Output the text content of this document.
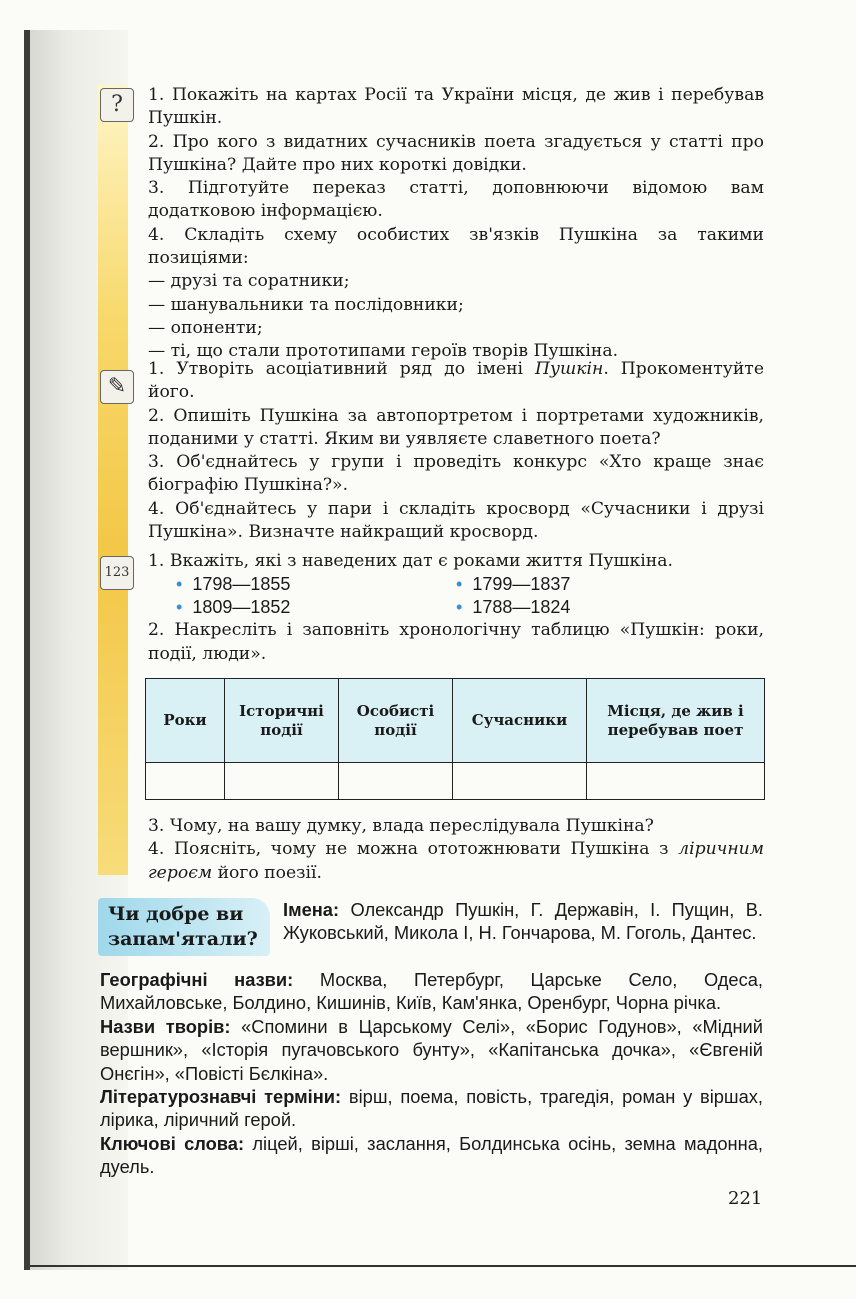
?	1. Покажіть на картах Росії та України місця, де жив і перебував Пушкін.

2. Про кого з видатних сучасників поета згадується у статті про Пушкіна? Дайте про них короткі довідки.

3. Підготуйте переказ статті, доповнюючи відомою вам додатковою інформацією.

4. Складіть схему особистих зв'язків Пушкіна за такими позиціями:

— друзі та соратники;

— шанувальники та послідовники;

— опоненти;

— ті, що стали прототипами героїв творів Пушкіна.

✎

1. Утворіть асоціативний ряд до імені Пушкін. Прокоментуйте його.

2. Опишіть Пушкіна за автопортретом і портретами художників, поданими у статті. Яким ви уявляєте славетного поета?

3. Об'єднайтесь у групи і проведіть конкурс «Хто краще знає біографію Пушкіна?».

4. Об'єднайтесь у пари і складіть кросворд «Сучасники і друзі Пушкіна». Визначте найкращий кросворд.

123

1. Вкажіть, які з наведених дат є роками життя Пушкіна.

• 1798—1855	• 1799—1837
• 1809—1852	• 1788—1824

2. Накресліть і заповніть хронологічну таблицю «Пушкін: роки, події, люди».

Роки	Історичні події	Особисті події	Сучасники	Місця, де жив і перебував поет

3. Чому, на вашу думку, влада переслідувала Пушкіна?

4. Поясніть, чому не можна ототожнювати Пушкіна з ліричним героєм його поезії.

Чи добре ви запам'ятали?

Імена: Олександр Пушкін, Г. Державін, І. Пущин, В. Жуковський, Микола І, Н. Гончарова, М. Гоголь, Дантес.

Географічні назви: Москва, Петербург, Царське Село, Одеса, Михайловське, Болдино, Кишинів, Київ, Кам'янка, Оренбург, Чорна річка.

Назви творів: «Спомини в Царському Селі», «Борис Годунов», «Мідний вершник», «Історія пугачовського бунту», «Капітанська дочка», «Євгеній Онєгін», «Повісті Бєлкіна».

Літературознавчі терміни: вірш, поема, повість, трагедія, роман у віршах, лірика, ліричний герой.

Ключові слова: ліцей, вірші, заслання, Болдинська осінь, земна мадонна, дуель.

221
